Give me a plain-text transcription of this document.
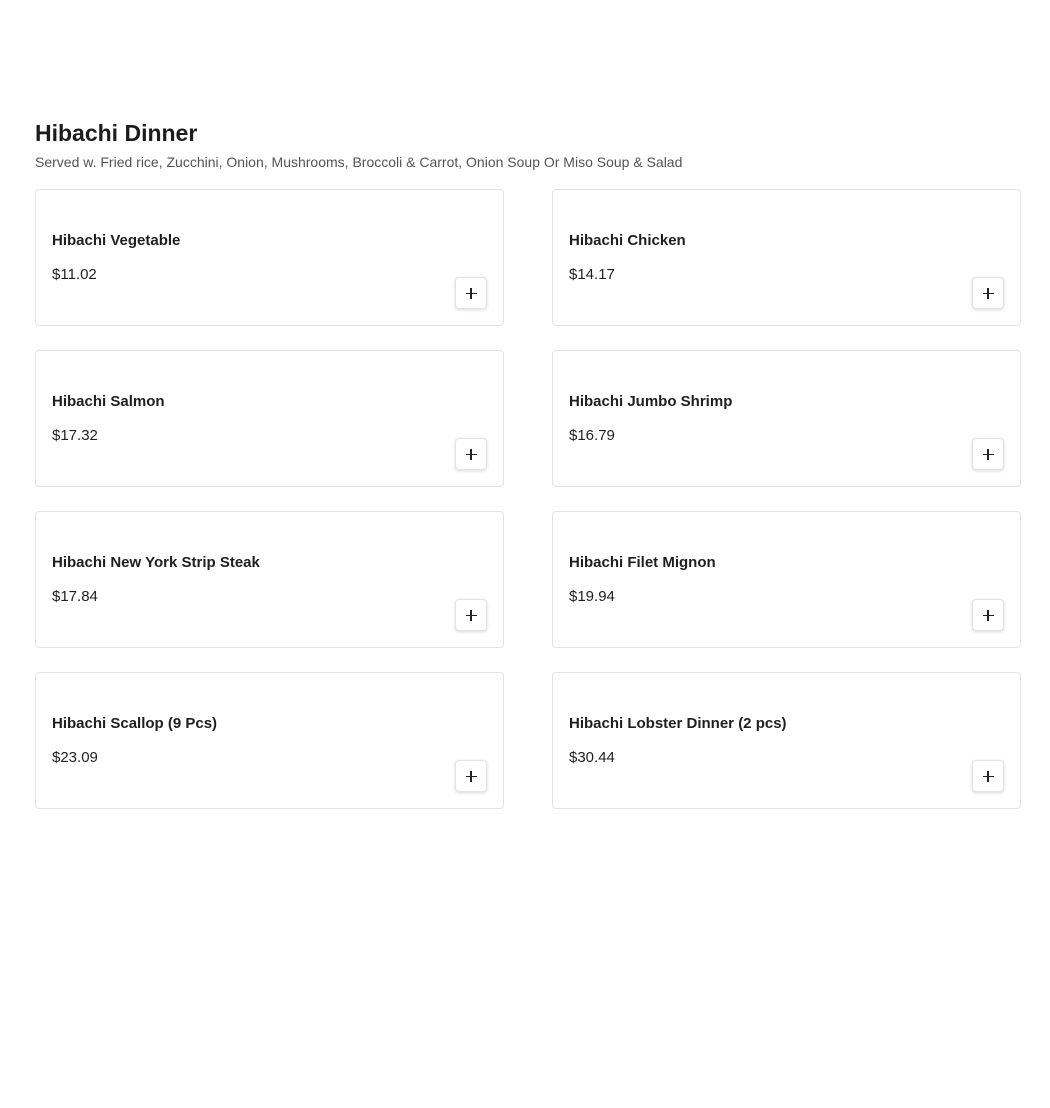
Hibachi Dinner

Served w. Fried rice, Zucchini, Onion, Mushrooms, Broccoli & Carrot, Onion Soup Or Miso Soup & Salad

Hibachi Vegetable
$11.02
Hibachi Chicken
$14.17
Hibachi Salmon
$17.32
Hibachi Jumbo Shrimp
$16.79
Hibachi New York Strip Steak
$17.84
Hibachi Filet Mignon
$19.94
Hibachi Scallop (9 Pcs)
$23.09
Hibachi Lobster Dinner (2 pcs)
$30.44
